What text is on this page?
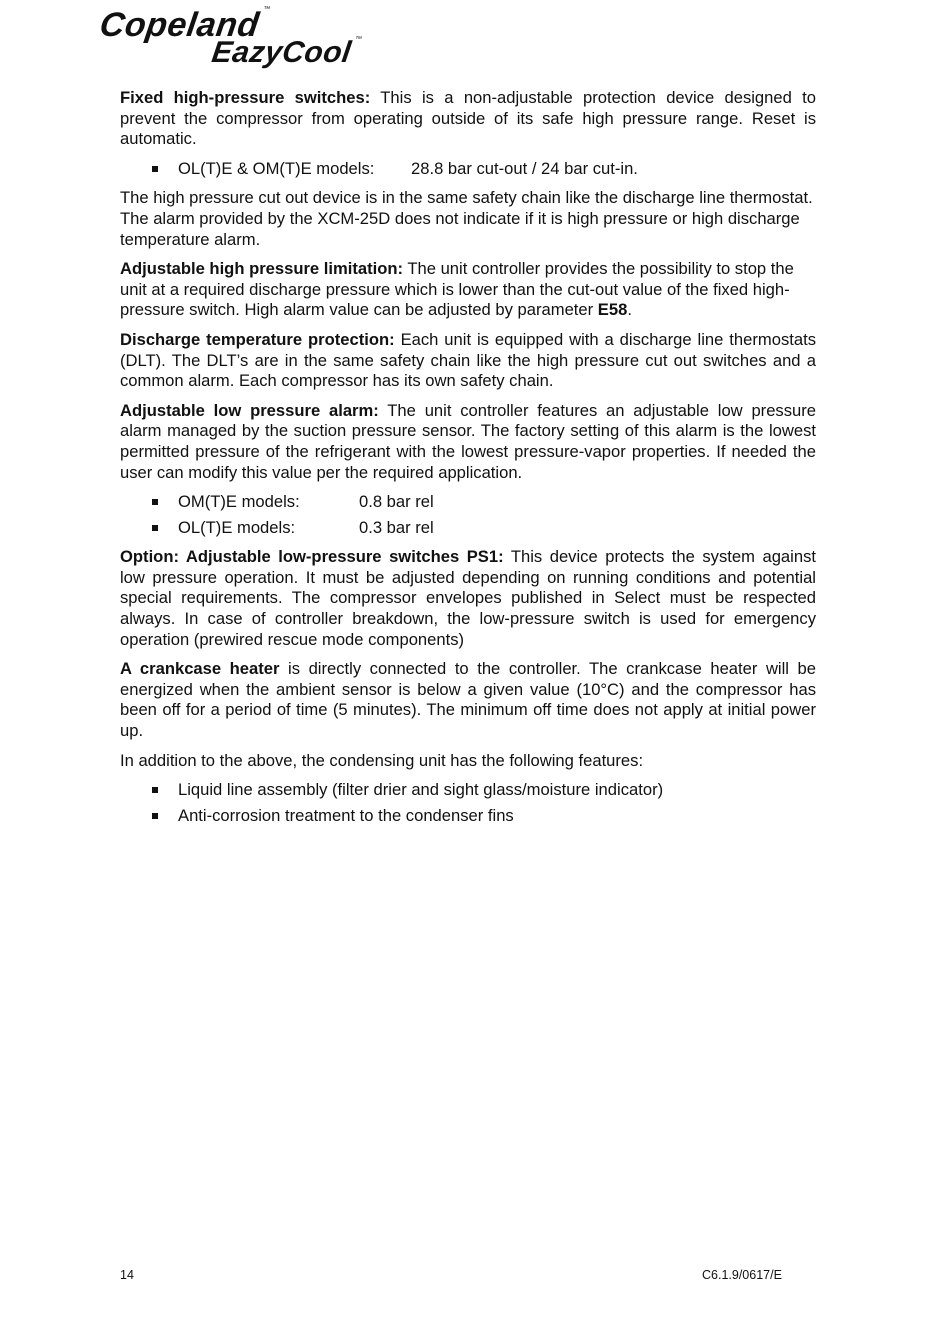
Copeland™
EazyCool™

Fixed high-pressure switches: This is a non-adjustable protection device designed to prevent the compressor from operating outside of its safe high pressure range. Reset is automatic.

OL(T)E & OM(T)E models: 28.8 bar cut-out / 24 bar cut-in.

The high pressure cut out device is in the same safety chain like the discharge line thermostat. The alarm provided by the XCM-25D does not indicate if it is high pressure or high discharge temperature alarm.

Adjustable high pressure limitation: The unit controller provides the possibility to stop the unit at a required discharge pressure which is lower than the cut-out value of the fixed high-pressure switch. High alarm value can be adjusted by parameter E58.

Discharge temperature protection: Each unit is equipped with a discharge line thermostats (DLT). The DLT’s are in the same safety chain like the high pressure cut out switches and a common alarm. Each compressor has its own safety chain.

Adjustable low pressure alarm: The unit controller features an adjustable low pressure alarm managed by the suction pressure sensor. The factory setting of this alarm is the lowest permitted pressure of the refrigerant with the lowest pressure-vapor properties. If needed the user can modify this value per the required application.

OM(T)E models:	0.8 bar rel
OL(T)E models:	0.3 bar rel

Option: Adjustable low-pressure switches PS1: This device protects the system against low pressure operation. It must be adjusted depending on running conditions and potential special requirements. The compressor envelopes published in Select must be respected always. In case of controller breakdown, the low-pressure switch is used for emergency operation (prewired rescue mode components)

A crankcase heater is directly connected to the controller. The crankcase heater will be energized when the ambient sensor is below a given value (10°C) and the compressor has been off for a period of time (5 minutes). The minimum off time does not apply at initial power up.

In addition to the above, the condensing unit has the following features:

Liquid line assembly (filter drier and sight glass/moisture indicator)
Anti-corrosion treatment to the condenser fins
14	C6.1.9/0617/E
